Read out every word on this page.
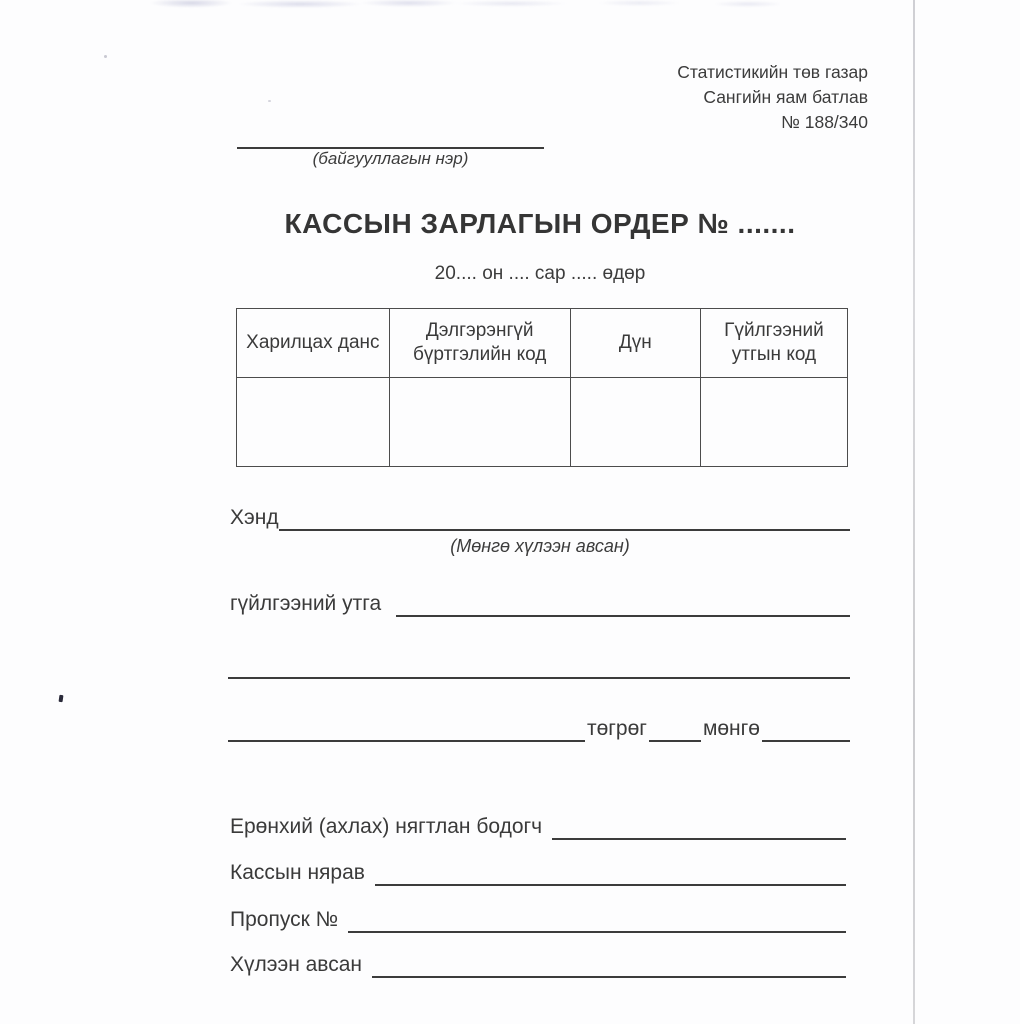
Статистикийн төв газар
Сангийн яам батлав
№ 188/340
(байгууллагын нэр)
КАССЫН ЗАРЛАГЫН ОРДЕР № .......
20.... он .... сар ..... өдөр
Харилцах данс	Дэлгэрэнгүй бүртгэлийн код	Дүн	Гүйлгээний утгын код

Хэнд
(Мөнгө хүлээн авсан)
гүйлгээний утга
төгрөг	мөнгө
Ерөнхий (ахлах) нягтлан бодогч
Кассын нярав
Пропуск №
Хүлээн авсан
